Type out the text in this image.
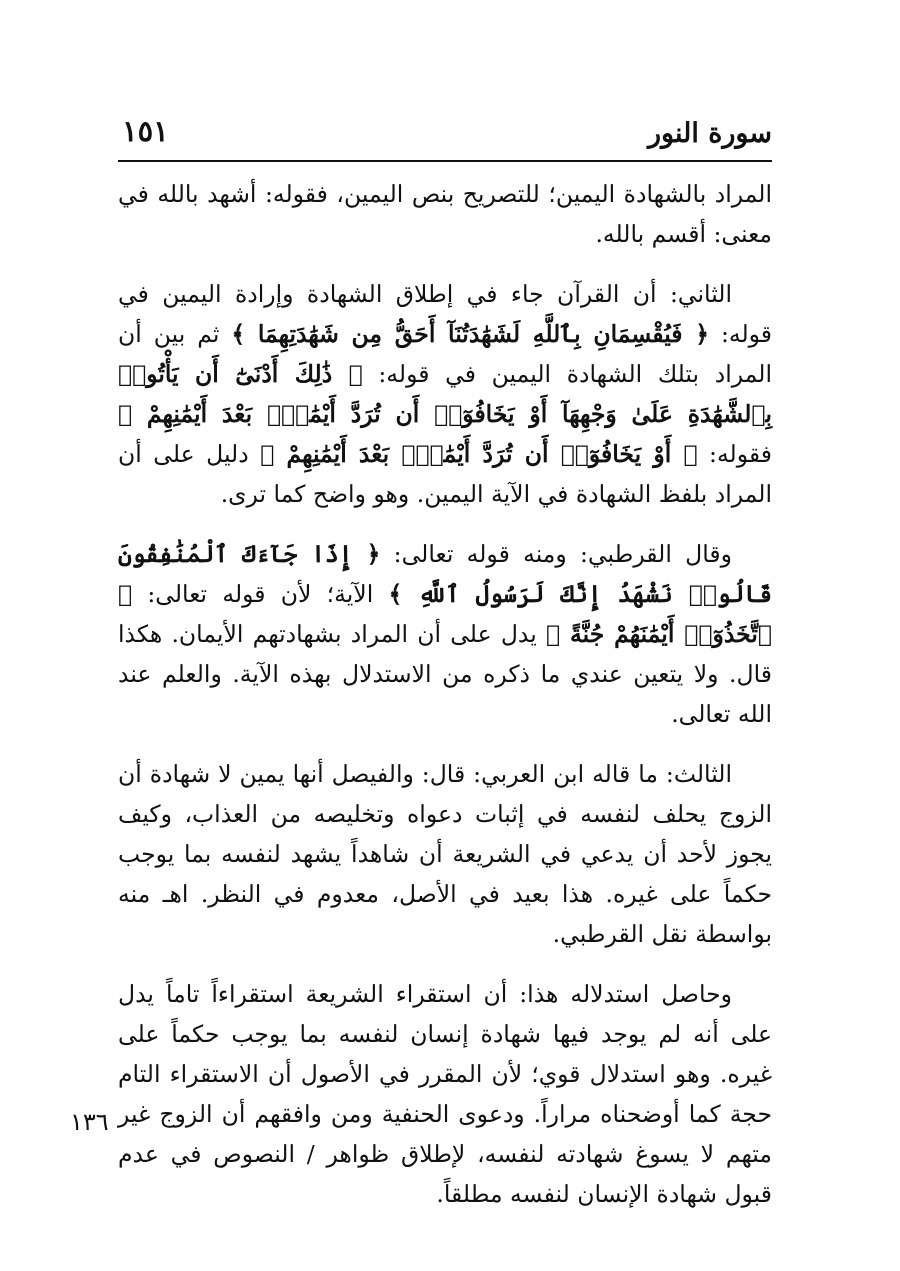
سورة النور
١٥١

المراد بالشهادة اليمين؛ للتصريح بنص اليمين، فقوله: أشهد بالله في معنى: أقسم بالله.

الثاني: أن القرآن جاء في إطلاق الشهادة وإرادة اليمين في قوله: ﴿ فَيُقْسِمَانِ بِٱللَّهِ لَشَهَٰدَتُنَآ أَحَقُّ مِن شَهَٰدَتِهِمَا ﴾ ثم بين أن المراد بتلك الشهادة اليمين في قوله: ﴿ ذَٰلِكَ أَدْنَىٰٓ أَن يَأْتُوا۟ بِٱلشَّهَٰدَةِ عَلَىٰ وَجْهِهَآ أَوْ يَخَافُوٓا۟ أَن تُرَدَّ أَيْمَٰنٌۢ بَعْدَ أَيْمَٰنِهِمْ ﴾ فقوله: ﴿ أَوْ يَخَافُوٓا۟ أَن تُرَدَّ أَيْمَٰنٌۢ بَعْدَ أَيْمَٰنِهِمْ ﴾ دليل على أن المراد بلفظ الشهادة في الآية اليمين. وهو واضح كما ترى.

وقال القرطبي: ومنه قوله تعالى: ﴿ إِذَا جَآءَكَ ٱلْمُنَٰفِقُونَ قَالُوا۟ نَشْهَدُ إِنَّكَ لَرَسُولُ ٱللَّهِ ﴾ الآية؛ لأن قوله تعالى: ﴿ ٱتَّخَذُوٓا۟ أَيْمَٰنَهُمْ جُنَّةً ﴾ يدل على أن المراد بشهادتهم الأيمان. هكذا قال. ولا يتعين عندي ما ذكره من الاستدلال بهذه الآية. والعلم عند الله تعالى.

الثالث: ما قاله ابن العربي: قال: والفيصل أنها يمين لا شهادة أن الزوج يحلف لنفسه في إثبات دعواه وتخليصه من العذاب، وكيف يجوز لأحد أن يدعي في الشريعة أن شاهداً يشهد لنفسه بما يوجب حكماً على غيره. هذا بعيد في الأصل، معدوم في النظر. اهـ منه بواسطة نقل القرطبي.

وحاصل استدلاله هذا: أن استقراء الشريعة استقراءاً تاماً يدل على أنه لم يوجد فيها شهادة إنسان لنفسه بما يوجب حكماً على غيره. وهو استدلال قوي؛ لأن المقرر في الأصول أن الاستقراء التام حجة كما أوضحناه مراراً. ودعوى الحنفية ومن وافقهم أن الزوج غير متهم لا يسوغ شهادته لنفسه، لإطلاق ظواهر / النصوص في عدم قبول شهادة الإنسان لنفسه مطلقاً.

١٣٦
